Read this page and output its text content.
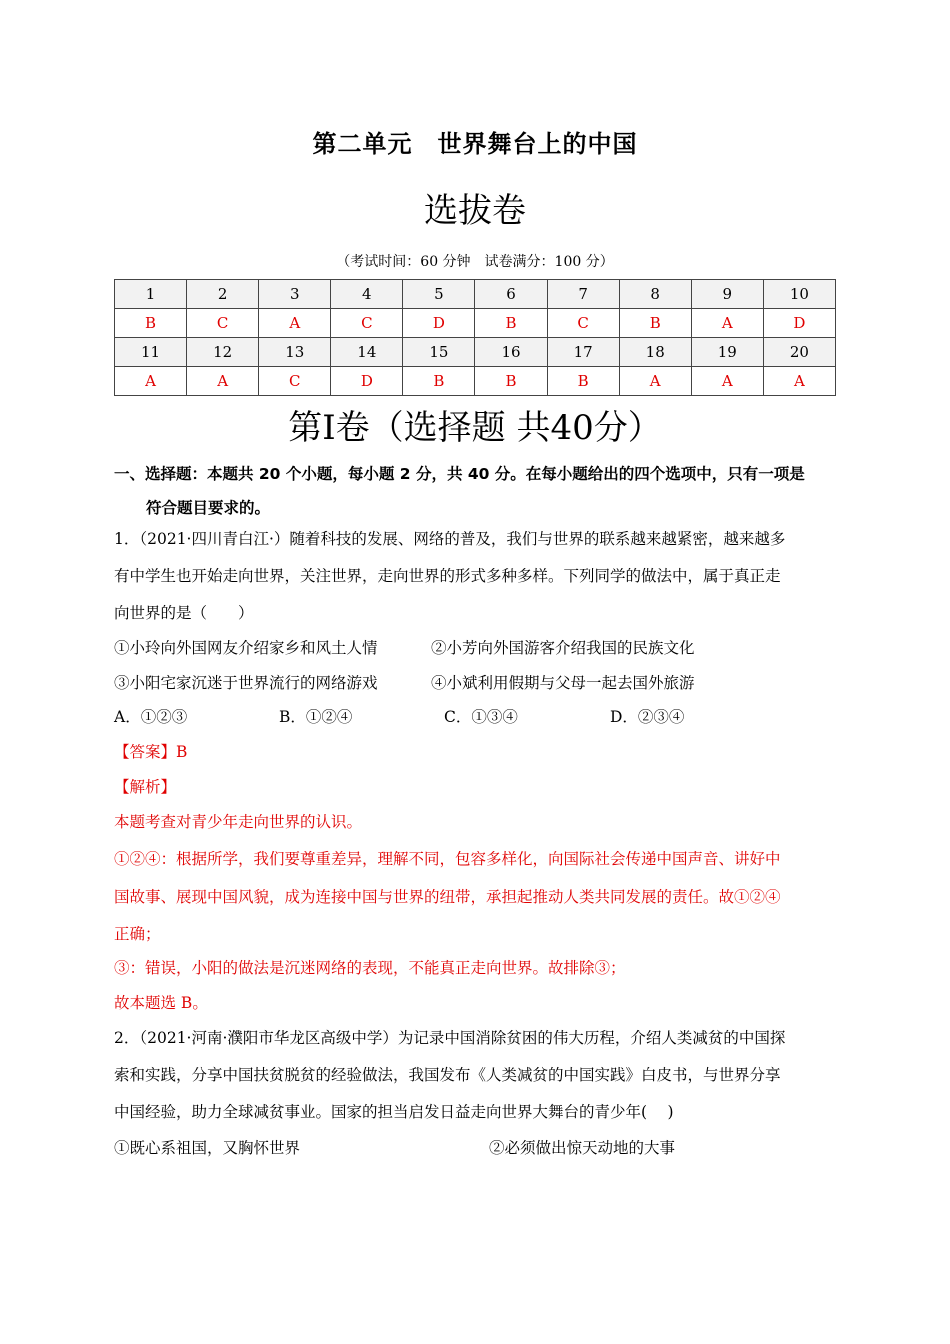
第二单元　世界舞台上的中国
选拔卷
（考试时间：60 分钟　试卷满分：100 分）
1	2	3	4	5	6	7	8	9	10
B	C	A	C	D	B	C	B	A	D
11	12	13	14	15	16	17	18	19	20
A	A	C	D	B	B	B	A	A	A
第Ⅰ卷（选择题 共40分）
一、选择题：本题共 20 个小题，每小题 2 分，共 40 分。在每小题给出的四个选项中，只有一项是
符合题目要求的。
1．（2021·四川青白江·）随着科技的发展、网络的普及，我们与世界的联系越来越紧密，越来越多
有中学生也开始走向世界，关注世界，走向世界的形式多种多样。下列同学的做法中，属于真正走
向世界的是（　　）
①小玲向外国网友介绍家乡和风土人情	②小芳向外国游客介绍我国的民族文化
③小阳宅家沉迷于世界流行的网络游戏	④小斌利用假期与父母一起去国外旅游
A．①②③	B．①②④	C．①③④	D．②③④
【答案】B
【解析】
本题考查对青少年走向世界的认识。
①②④：根据所学，我们要尊重差异，理解不同，包容多样化，向国际社会传递中国声音、讲好中
国故事、展现中国风貌，成为连接中国与世界的纽带，承担起推动人类共同发展的责任。故①②④
正确；
③：错误，小阳的做法是沉迷网络的表现，不能真正走向世界。故排除③；
故本题选 B。
2．（2021·河南·濮阳市华龙区高级中学）为记录中国消除贫困的伟大历程，介绍人类减贫的中国探
索和实践，分享中国扶贫脱贫的经验做法，我国发布《人类减贫的中国实践》白皮书，与世界分享
中国经验，助力全球减贫事业。国家的担当启发日益走向世界大舞台的青少年(　 )
①既心系祖国，又胸怀世界	②必须做出惊天动地的大事
